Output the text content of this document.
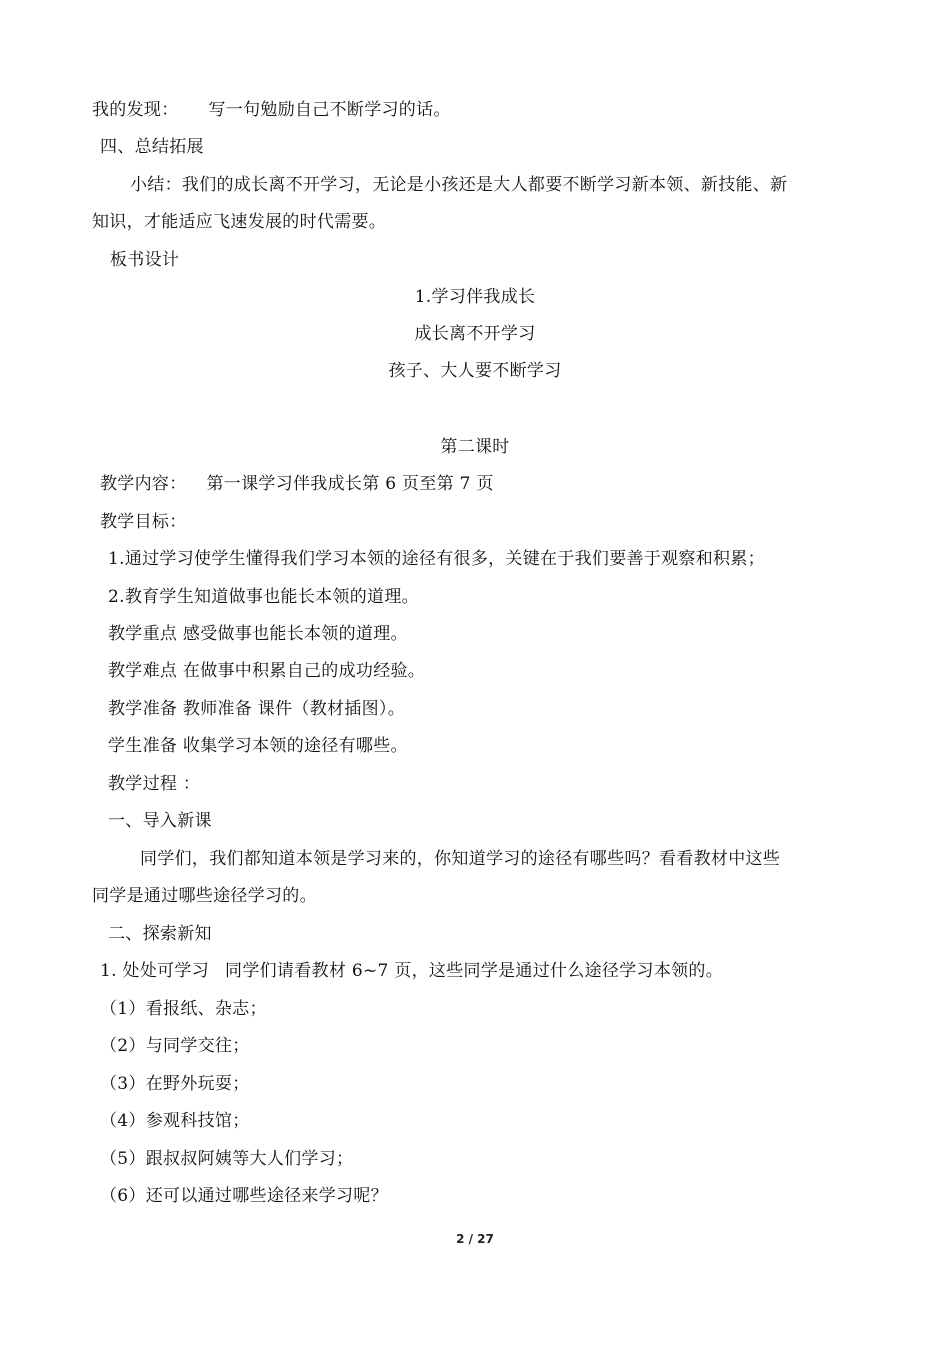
我的发现： 写一句勉励自己不断学习的话。
四、总结拓展
小结：我们的成长离不开学习，无论是小孩还是大人都要不断学习新本领、新技能、新
知识，才能适应飞速发展的时代需要。
板书设计
1.学习伴我成长
成长离不开学习
孩子、大人要不断学习
第二课时
教学内容： 第一课学习伴我成长第 6 页至第 7 页
教学目标：
1.通过学习使学生懂得我们学习本领的途径有很多，关键在于我们要善于观察和积累；
2.教育学生知道做事也能长本领的道理。
教学重点 感受做事也能长本领的道理。
教学难点 在做事中积累自己的成功经验。
教学准备 教师准备 课件（教材插图）。
学生准备 收集学习本领的途径有哪些。
教学过程 ：
一、导入新课
同学们，我们都知道本领是学习来的，你知道学习的途径有哪些吗？看看教材中这些
同学是通过哪些途径学习的。
二、探索新知
1. 处处可学习 同学们请看教材 6~7 页，这些同学是通过什么途径学习本领的。
（1）看报纸、杂志；
（2）与同学交往；
（3）在野外玩耍；
（4）参观科技馆；
（5）跟叔叔阿姨等大人们学习；
（6）还可以通过哪些途径来学习呢？
2 / 27
